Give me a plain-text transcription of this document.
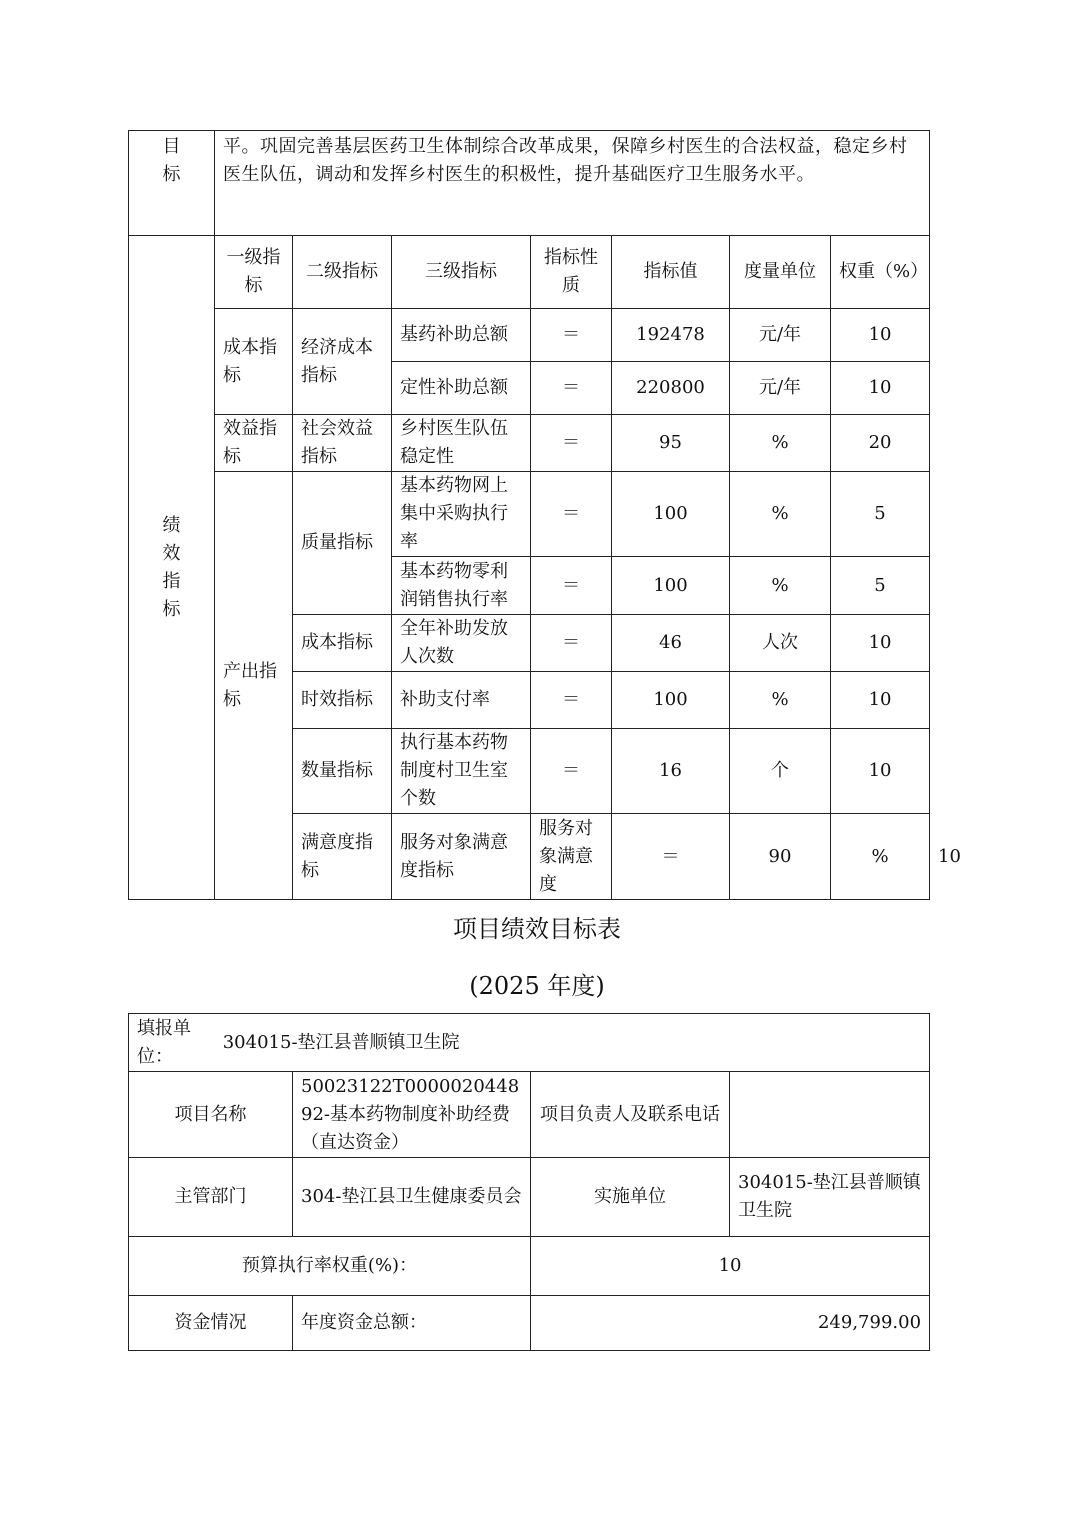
目标	平。巩固完善基层医药卫生体制综合改革成果，保障乡村医生的合法权益，稳定乡村医生队伍，调动和发挥乡村医生的积极性，提升基础医疗卫生服务水平。							
绩效指标	一级指标	二级指标	三级指标	指标性质	指标值	度量单位	权重（%）	
	成本指标	经济成本指标	基药补助总额	＝	192478	元/年	10	
			定性补助总额	＝	220800	元/年	10	
	效益指标	社会效益指标	乡村医生队伍稳定性	＝	95	%	20	
	产出指标	质量指标	基本药物网上集中采购执行率	＝	100	%	5	
			基本药物零利润销售执行率	＝	100	%	5	
		成本指标	全年补助发放人次数	＝	46	人次	10	
		时效指标	补助支付率	＝	100	%	10	
		数量指标	执行基本药物制度村卫生室个数	＝	16	个	10	
		满意度指标	服务对象满意度指标	服务对象满意度	＝	90	%	10
项目绩效目标表
(2025 年度)
填报单位： 304015-垫江县普顺镇卫生院			
项目名称	50023122T000002044892-基本药物制度补助经费（直达资金）	项目负责人及联系电话	
主管部门	304-垫江县卫生健康委员会	实施单位	304015-垫江县普顺镇卫生院
预算执行率权重(%)：		10	
资金情况	年度资金总额：	249,799.00	
